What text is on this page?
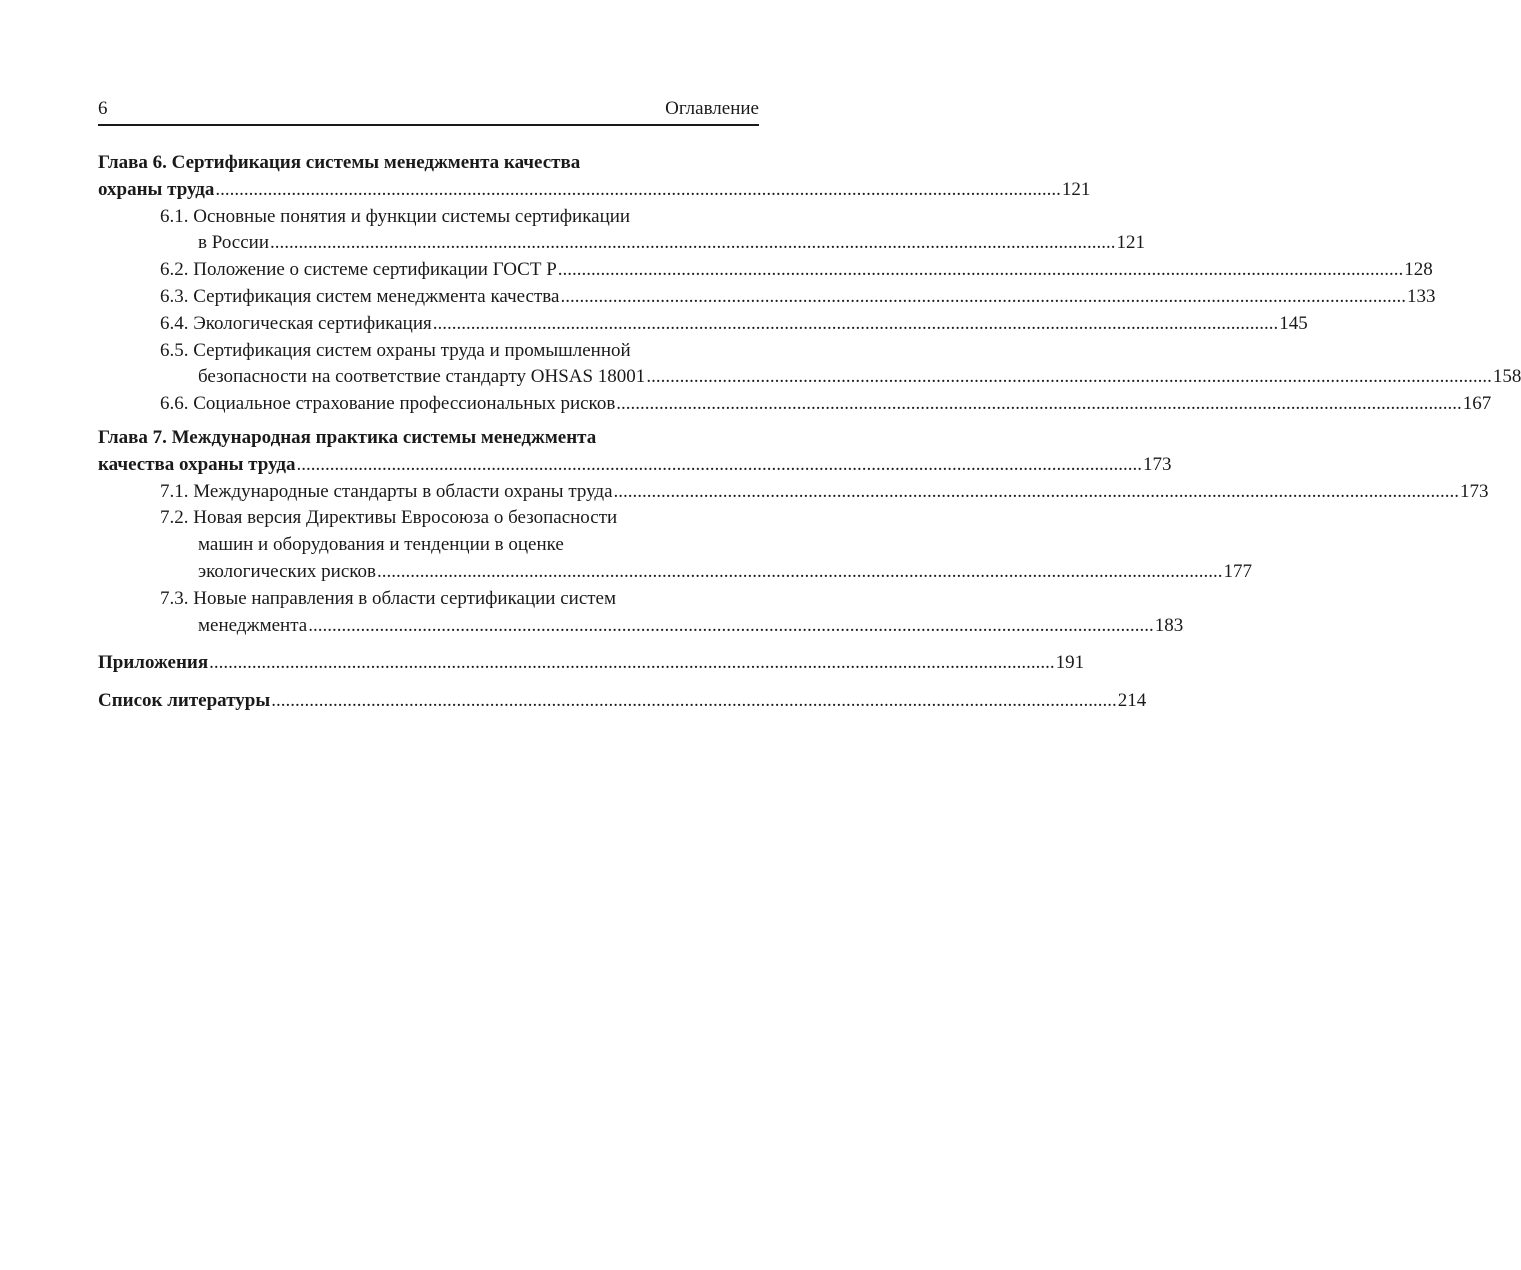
6	Оглавление
Глава 6. Сертификация системы менеджмента качества
охраны труда .................................................................................................................................................................................. 121
6.1. Основные понятия и функции системы сертификации
в России .................................................................................................................................................................................. 121
6.2. Положение о системе сертификации ГОСТ Р .................................................................................................................................................................................. 128
6.3. Сертификация систем менеджмента качества .................................................................................................................................................................................. 133
6.4. Экологическая сертификация .................................................................................................................................................................................. 145
6.5. Сертификация систем охраны труда и промышленной
безопасности на соответствие стандарту OHSAS 18001 .................................................................................................................................................................................. 158
6.6. Социальное страхование профессиональных рисков .................................................................................................................................................................................. 167
Глава 7. Международная практика системы менеджмента
качества охраны труда .................................................................................................................................................................................. 173
7.1. Международные стандарты в области охраны труда .................................................................................................................................................................................. 173
7.2. Новая версия Директивы Евросоюза о безопасности
машин и оборудования и тенденции в оценке
экологических рисков .................................................................................................................................................................................. 177
7.3. Новые направления в области сертификации систем
менеджмента .................................................................................................................................................................................. 183
Приложения .................................................................................................................................................................................. 191
Список литературы .................................................................................................................................................................................. 214
